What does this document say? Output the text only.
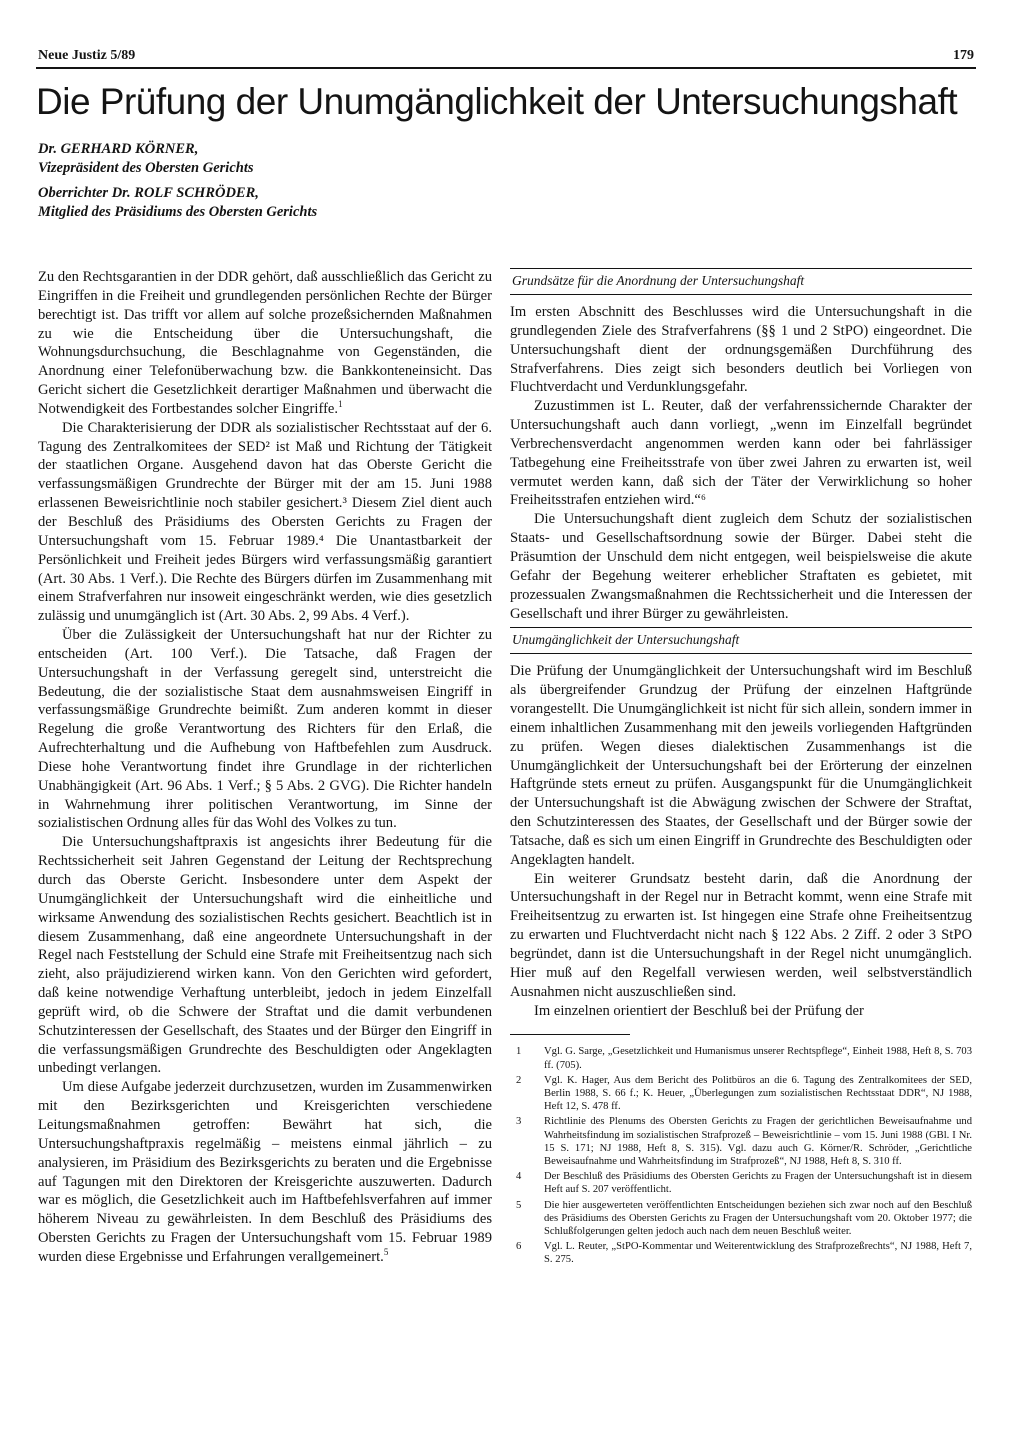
Neue Justiz 5/89	179
Die Prüfung der Unumgänglichkeit der Untersuchungshaft
Dr. GERHARD KÖRNER,
Vizepräsident des Obersten Gerichts
Oberrichter Dr. ROLF SCHRÖDER,
Mitglied des Präsidiums des Obersten Gerichts

Zu den Rechtsgarantien in der DDR gehört, daß ausschließlich das Gericht zu Eingriffen in die Freiheit und grundlegenden persönlichen Rechte der Bürger berechtigt ist. Das trifft vor allem auf solche prozeßsichernden Maßnahmen zu wie die Entscheidung über die Untersuchungshaft, die Wohnungsdurchsuchung, die Beschlagnahme von Gegenständen, die Anordnung einer Telefonüberwachung bzw. die Bankkonteneinsicht. Das Gericht sichert die Gesetzlichkeit derartiger Maßnahmen und überwacht die Notwendigkeit des Fortbestandes solcher Eingriffe.$^1$

Die Charakterisierung der DDR als sozialistischer Rechtsstaat auf der 6. Tagung des Zentralkomitees der SED² ist Maß und Richtung der Tätigkeit der staatlichen Organe. Ausgehend davon hat das Oberste Gericht die verfassungsmäßigen Grundrechte der Bürger mit der am 15. Juni 1988 erlassenen Beweisrichtlinie noch stabiler gesichert.³ Diesem Ziel dient auch der Beschluß des Präsidiums des Obersten Gerichts zu Fragen der Untersuchungshaft vom 15. Februar 1989.⁴ Die Unantastbarkeit der Persönlichkeit und Freiheit jedes Bürgers wird verfassungsmäßig garantiert (Art. 30 Abs. 1 Verf.). Die Rechte des Bürgers dürfen im Zusammenhang mit einem Strafverfahren nur insoweit eingeschränkt werden, wie dies gesetzlich zulässig und unumgänglich ist (Art. 30 Abs. 2, 99 Abs. 4 Verf.).

Über die Zulässigkeit der Untersuchungshaft hat nur der Richter zu entscheiden (Art. 100 Verf.). Die Tatsache, daß Fragen der Untersuchungshaft in der Verfassung geregelt sind, unterstreicht die Bedeutung, die der sozialistische Staat dem ausnahmsweisen Eingriff in verfassungsmäßige Grundrechte beimißt. Zum anderen kommt in dieser Regelung die große Verantwortung des Richters für den Erlaß, die Aufrechterhaltung und die Aufhebung von Haftbefehlen zum Ausdruck. Diese hohe Verantwortung findet ihre Grundlage in der richterlichen Unabhängigkeit (Art. 96 Abs. 1 Verf.; § 5 Abs. 2 GVG). Die Richter handeln in Wahrnehmung ihrer politischen Verantwortung, im Sinne der sozialistischen Ordnung alles für das Wohl des Volkes zu tun.

Die Untersuchungshaftpraxis ist angesichts ihrer Bedeutung für die Rechtssicherheit seit Jahren Gegenstand der Leitung der Rechtsprechung durch das Oberste Gericht. Insbesondere unter dem Aspekt der Unumgänglichkeit der Untersuchungshaft wird die einheitliche und wirksame Anwendung des sozialistischen Rechts gesichert. Beachtlich ist in diesem Zusammenhang, daß eine angeordnete Untersuchungshaft in der Regel nach Feststellung der Schuld eine Strafe mit Freiheitsentzug nach sich zieht, also präjudizierend wirken kann. Von den Gerichten wird gefordert, daß keine notwendige Verhaftung unterbleibt, jedoch in jedem Einzelfall geprüft wird, ob die Schwere der Straftat und die damit verbundenen Schutzinteressen der Gesellschaft, des Staates und der Bürger den Eingriff in die verfassungsmäßigen Grundrechte des Beschuldigten oder Angeklagten unbedingt verlangen.

Um diese Aufgabe jederzeit durchzusetzen, wurden im Zusammenwirken mit den Bezirksgerichten und Kreisgerichten verschiedene Leitungsmaßnahmen getroffen: Bewährt hat sich, die Untersuchungshaftpraxis regelmäßig – meistens einmal jährlich – zu analysieren, im Präsidium des Bezirksgerichts zu beraten und die Ergebnisse auf Tagungen mit den Direktoren der Kreisgerichte auszuwerten. Dadurch war es möglich, die Gesetzlichkeit auch im Haftbefehlsverfahren auf immer höherem Niveau zu gewährleisten. In dem Beschluß des Präsidiums des Obersten Gerichts zu Fragen der Untersuchungshaft vom 15. Februar 1989 wurden diese Ergebnisse und Erfahrungen verallgemeinert.$^5$

Grundsätze für die Anordnung der Untersuchungshaft

Im ersten Abschnitt des Beschlusses wird die Untersuchungshaft in die grundlegenden Ziele des Strafverfahrens (§§ 1 und 2 StPO) eingeordnet. Die Untersuchungshaft dient der ordnungsgemäßen Durchführung des Strafverfahrens. Dies zeigt sich besonders deutlich bei Vorliegen von Fluchtverdacht und Verdunklungsgefahr.

Zuzustimmen ist L. Reuter, daß der verfahrenssichernde Charakter der Untersuchungshaft auch dann vorliegt, „wenn im Einzelfall begründet Verbrechensverdacht angenommen werden kann oder bei fahrlässiger Tatbegehung eine Freiheitsstrafe von über zwei Jahren zu erwarten ist, weil vermutet werden kann, daß sich der Täter der Verwirklichung so hoher Freiheitsstrafen entziehen wird.“⁶

Die Untersuchungshaft dient zugleich dem Schutz der sozialistischen Staats- und Gesellschaftsordnung sowie der Bürger. Dabei steht die Präsumtion der Unschuld dem nicht entgegen, weil beispielsweise die akute Gefahr der Begehung weiterer erheblicher Straftaten es gebietet, mit prozessualen Zwangsmaßnahmen die Rechtssicherheit und die Interessen der Gesellschaft und ihrer Bürger zu gewährleisten.

Unumgänglichkeit der Untersuchungshaft

Die Prüfung der Unumgänglichkeit der Untersuchungshaft wird im Beschluß als übergreifender Grundzug der Prüfung der einzelnen Haftgründe vorangestellt. Die Unumgänglichkeit ist nicht für sich allein, sondern immer in einem inhaltlichen Zusammenhang mit den jeweils vorliegenden Haftgründen zu prüfen. Wegen dieses dialektischen Zusammenhangs ist die Unumgänglichkeit der Untersuchungshaft bei der Erörterung der einzelnen Haftgründe stets erneut zu prüfen. Ausgangspunkt für die Unumgänglichkeit der Untersuchungshaft ist die Abwägung zwischen der Schwere der Straftat, den Schutzinteressen des Staates, der Gesellschaft und der Bürger sowie der Tatsache, daß es sich um einen Eingriff in Grundrechte des Beschuldigten oder Angeklagten handelt.

Ein weiterer Grundsatz besteht darin, daß die Anordnung der Untersuchungshaft in der Regel nur in Betracht kommt, wenn eine Strafe mit Freiheitsentzug zu erwarten ist. Ist hingegen eine Strafe ohne Freiheitsentzug zu erwarten und Fluchtverdacht nicht nach § 122 Abs. 2 Ziff. 2 oder 3 StPO begründet, dann ist die Untersuchungshaft in der Regel nicht unumgänglich. Hier muß auf den Regelfall verwiesen werden, weil selbstverständlich Ausnahmen nicht auszuschließen sind.

Im einzelnen orientiert der Beschluß bei der Prüfung der

1	Vgl. G. Sarge, „Gesetzlichkeit und Humanismus unserer Rechtspflege“, Einheit 1988, Heft 8, S. 703 ff. (705).
2	Vgl. K. Hager, Aus dem Bericht des Politbüros an die 6. Tagung des Zentralkomitees der SED, Berlin 1988, S. 66 f.; K. Heuer, „Überlegungen zum sozialistischen Rechtsstaat DDR“, NJ 1988, Heft 12, S. 478 ff.
3	Richtlinie des Plenums des Obersten Gerichts zu Fragen der gerichtlichen Beweisaufnahme und Wahrheitsfindung im sozialistischen Strafprozeß – Beweisrichtlinie – vom 15. Juni 1988 (GBl. I Nr. 15 S. 171; NJ 1988, Heft 8, S. 315). Vgl. dazu auch G. Körner/R. Schröder, „Gerichtliche Beweisaufnahme und Wahrheitsfindung im Strafprozeß“, NJ 1988, Heft 8, S. 310 ff.
4	Der Beschluß des Präsidiums des Obersten Gerichts zu Fragen der Untersuchungshaft ist in diesem Heft auf S. 207 veröffentlicht.
5	Die hier ausgewerteten veröffentlichten Entscheidungen beziehen sich zwar noch auf den Beschluß des Präsidiums des Obersten Gerichts zu Fragen der Untersuchungshaft vom 20. Oktober 1977; die Schlußfolgerungen gelten jedoch auch nach dem neuen Beschluß weiter.
6	Vgl. L. Reuter, „StPO-Kommentar und Weiterentwicklung des Strafprozeßrechts“, NJ 1988, Heft 7, S. 275.
